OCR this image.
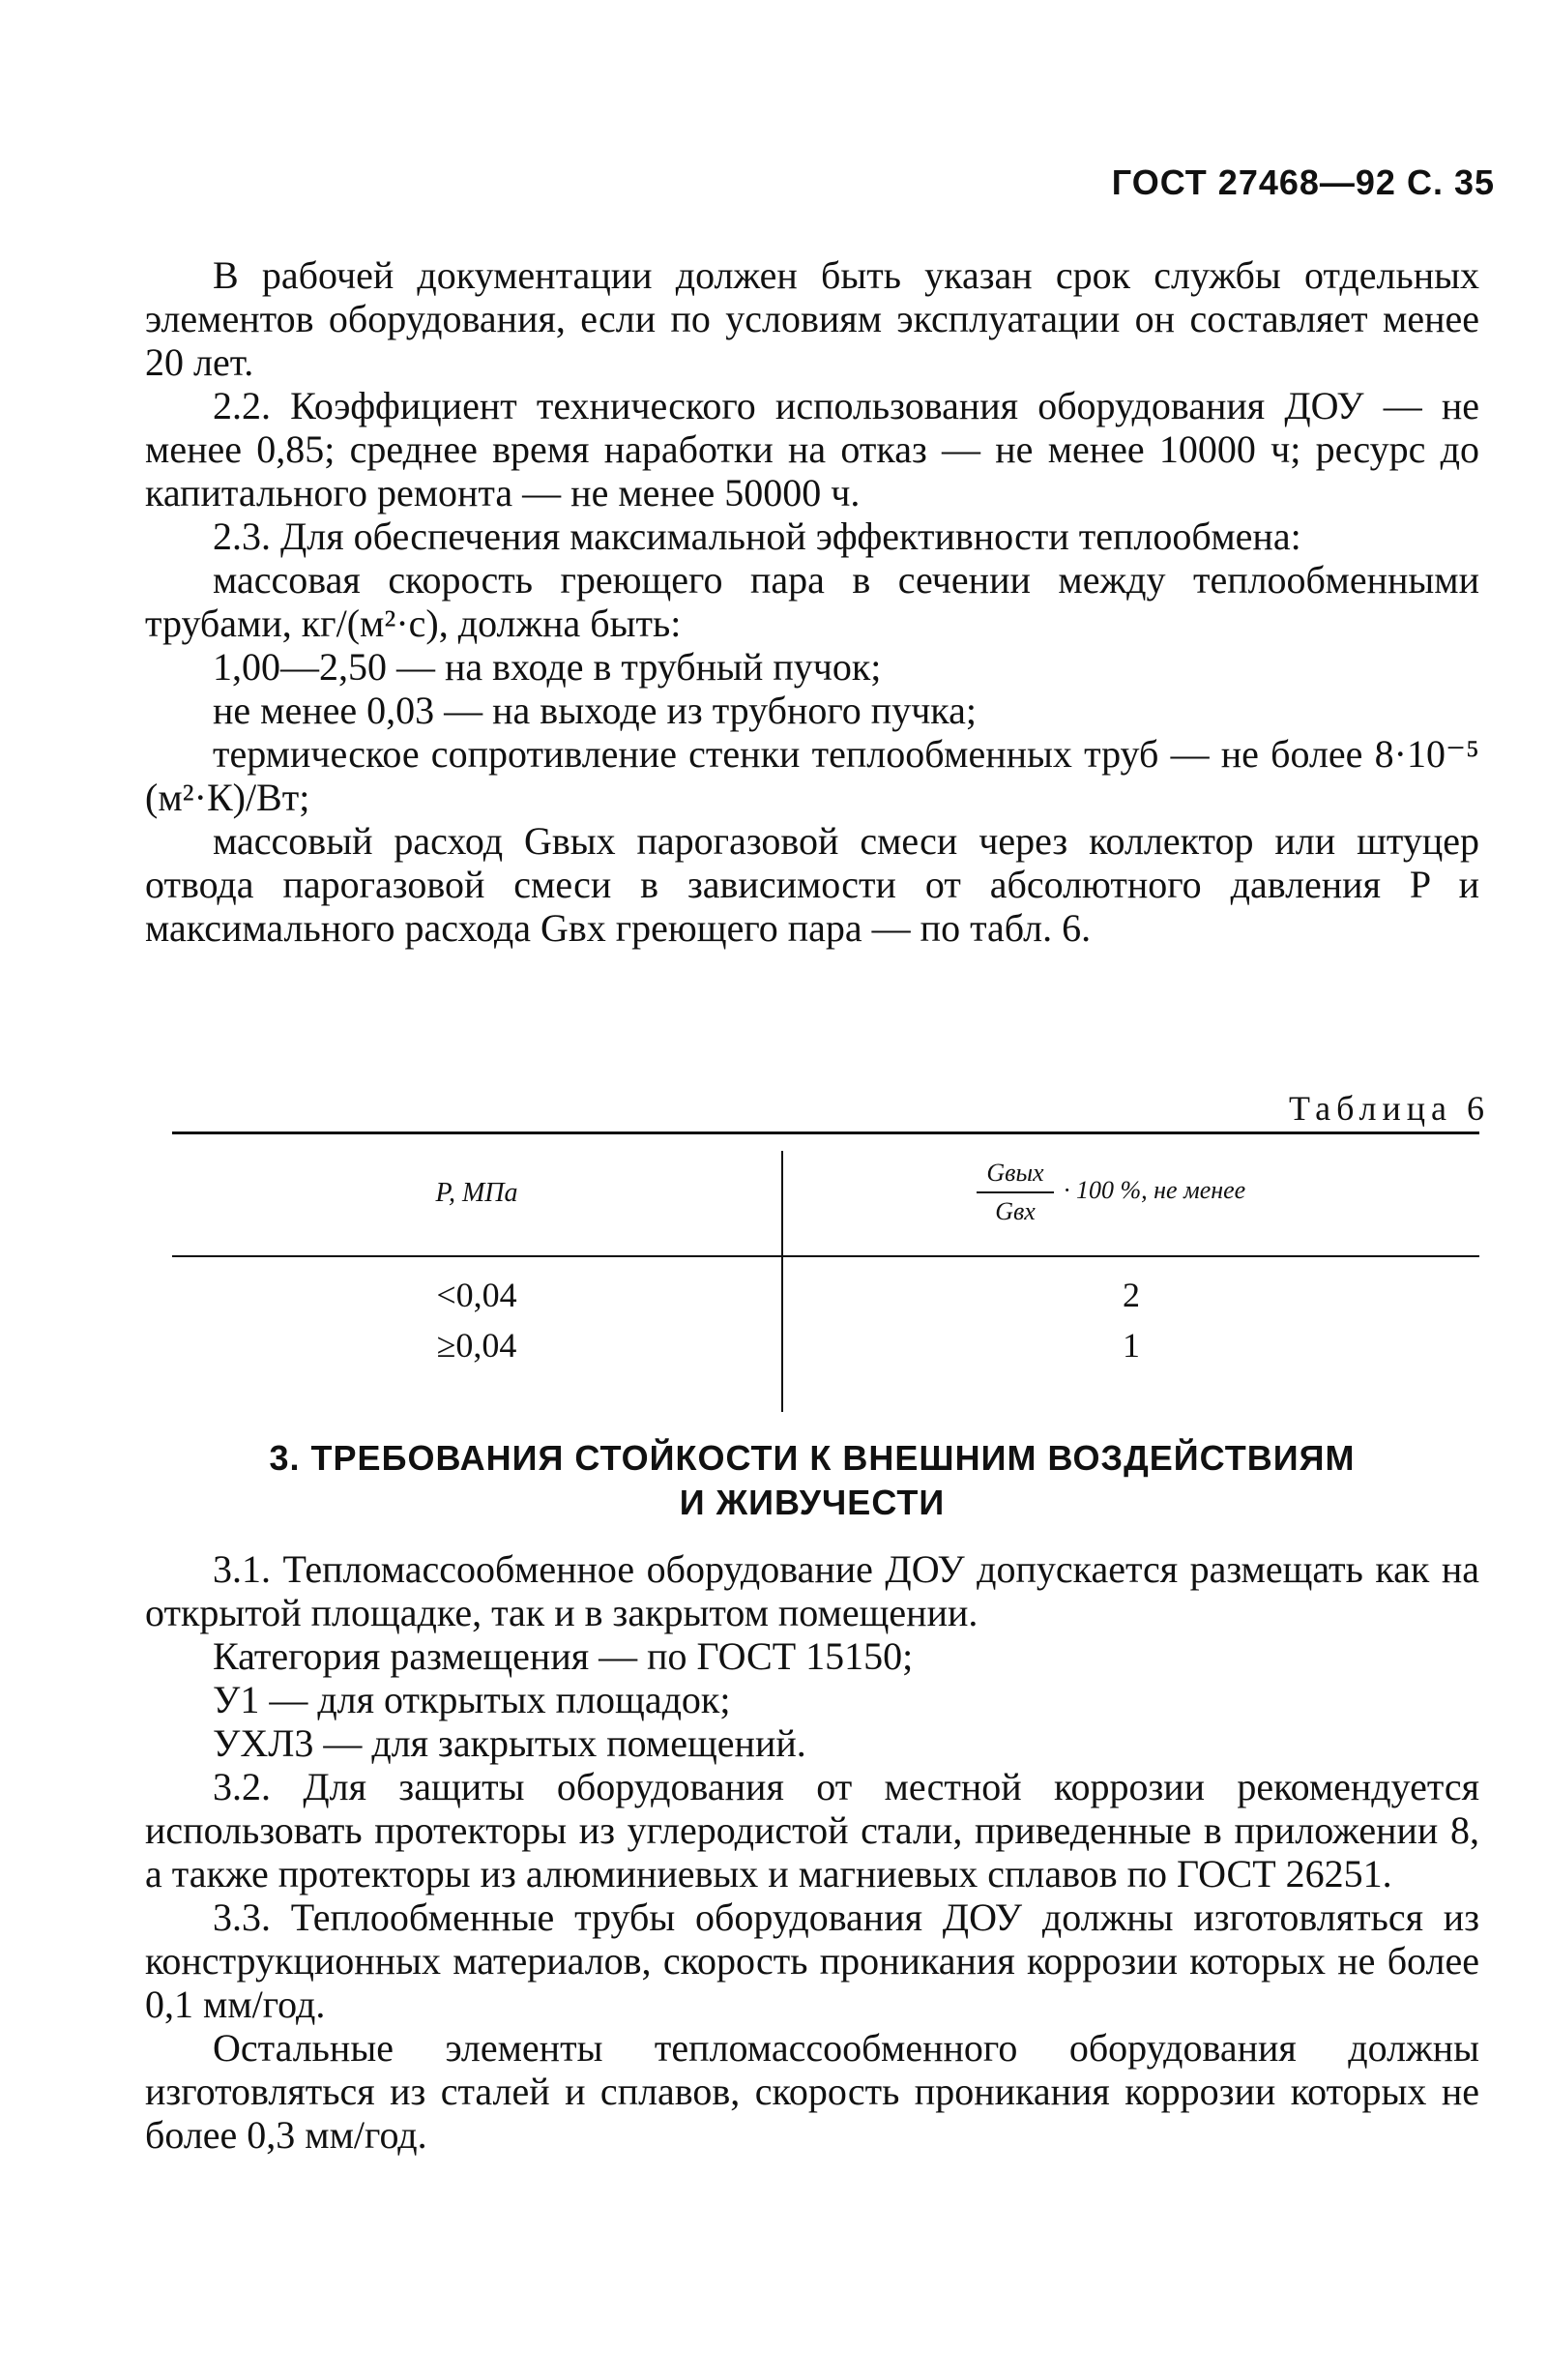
ГОСТ 27468—92 С. 35

В рабочей документации должен быть указан срок службы отдельных элементов оборудования, если по условиям эксплуатации он составляет менее 20 лет.

2.2. Коэффициент технического использования оборудования ДОУ — не менее 0,85; среднее время наработки на отказ — не менее 10000 ч; ресурс до капитального ремонта — не менее 50000 ч.

2.3. Для обеспечения максимальной эффективности теплообмена:

массовая скорость греющего пара в сечении между теплообменными трубами, кг/(м²·с), должна быть:

1,00—2,50 — на входе в трубный пучок;

не менее 0,03 — на выходе из трубного пучка;

термическое сопротивление стенки теплообменных труб — не более 8·10⁻⁵ (м²·К)/Вт;

массовый расход Gвых парогазовой смеси через коллектор или штуцер отвода парогазовой смеси в зависимости от абсолютного давления P и максимального расхода Gвх греющего пара — по табл. 6.

Таблица 6
P, МПа
Gвых
Gвх
· 100 %, не менее
<0,04	2
≥0,04	1
3. ТРЕБОВАНИЯ СТОЙКОСТИ К ВНЕШНИМ ВОЗДЕЙСТВИЯМ
И ЖИВУЧЕСТИ

3.1. Тепломассообменное оборудование ДОУ допускается размещать как на открытой площадке, так и в закрытом помещении.

Категория размещения — по ГОСТ 15150;

У1 — для открытых площадок;

УХЛ3 — для закрытых помещений.

3.2. Для защиты оборудования от местной коррозии рекомендуется использовать протекторы из углеродистой стали, приведенные в приложении 8, а также протекторы из алюминиевых и магниевых сплавов по ГОСТ 26251.

3.3. Теплообменные трубы оборудования ДОУ должны изготовляться из конструкционных материалов, скорость проникания коррозии которых не более 0,1 мм/год.

Остальные элементы тепломассообменного оборудования должны изготовляться из сталей и сплавов, скорость проникания коррозии которых не более 0,3 мм/год.
